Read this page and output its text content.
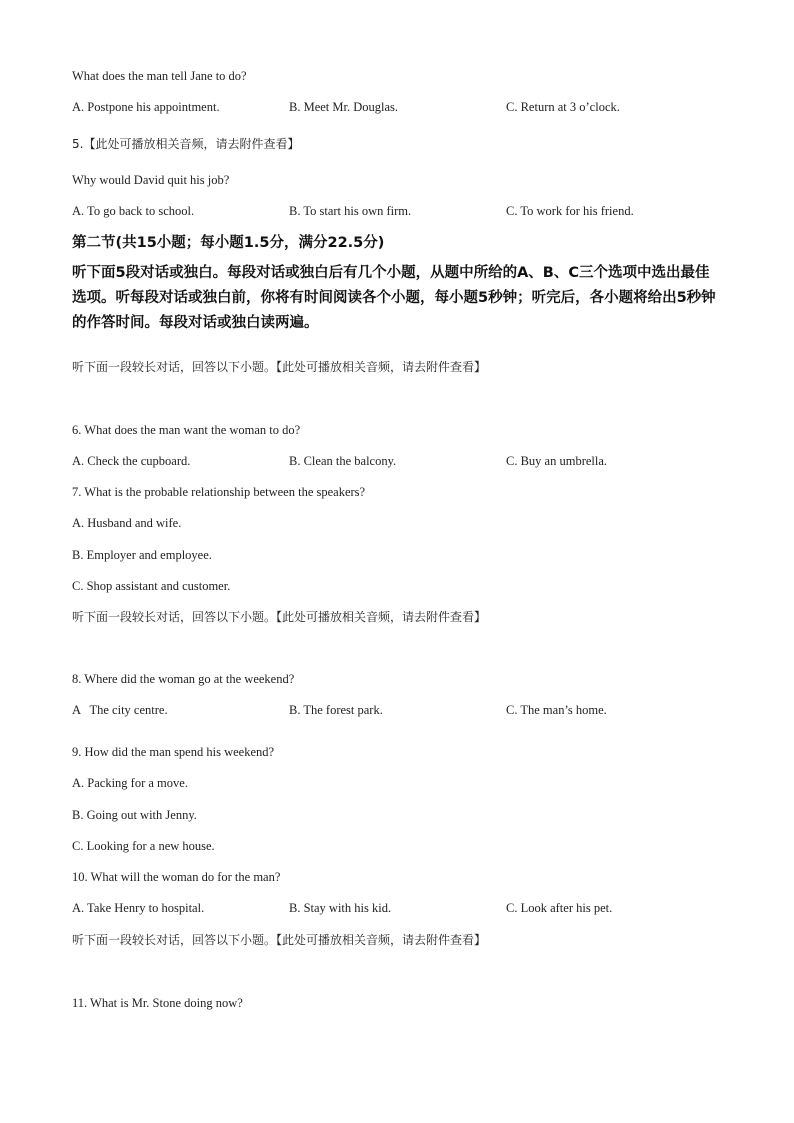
What does the man tell Jane to do?
A. Postpone his appointment.	B. Meet Mr. Douglas.	C. Return at 3 o’clock.
5.【此处可播放相关音频，请去附件查看】
Why would David quit his job?
A. To go back to school.	B. To start his own firm.	C. To work for his friend.
第二节(共15小题；每小题1.5分，满分22.5分)
听下面5段对话或独白。每段对话或独白后有几个小题，从题中所给的A、B、C三个选项中选出最佳选项。听每段对话或独白前，你将有时间阅读各个小题，每小题5秒钟；听完后，各小题将给出5秒钟的作答时间。每段对话或独白读两遍。
听下面一段较长对话，回答以下小题。【此处可播放相关音频，请去附件查看】
6. What does the man want the woman to do?
A. Check the cupboard.	B. Clean the balcony.	C. Buy an umbrella.
7. What is the probable relationship between the speakers?
A. Husband and wife.
B. Employer and employee.
C. Shop assistant and customer.
听下面一段较长对话，回答以下小题。【此处可播放相关音频，请去附件查看】
8. Where did the woman go at the weekend?
A   The city centre.	B. The forest park.	C. The man’s home.
9. How did the man spend his weekend?
A. Packing for a move.
B. Going out with Jenny.
C. Looking for a new house.
10. What will the woman do for the man?
A. Take Henry to hospital.	B. Stay with his kid.	C. Look after his pet.
听下面一段较长对话，回答以下小题。【此处可播放相关音频，请去附件查看】
11. What is Mr. Stone doing now?
